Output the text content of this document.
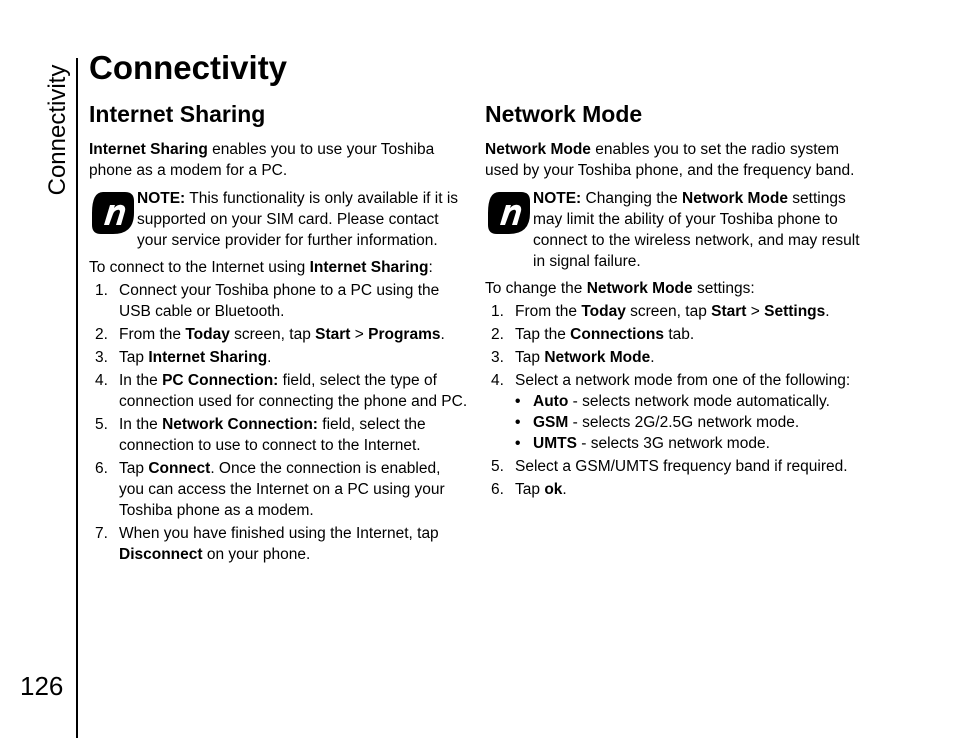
Connectivity
126
Connectivity
Internet Sharing

Internet Sharing enables you to use your Toshiba phone as a modem for a PC.

NOTE: This functionality is only available if it is supported on your SIM card. Please contact your service provider for further information.

To connect to the Internet using Internet Sharing:

1. Connect your Toshiba phone to a PC using the USB cable or Bluetooth.
2. From the Today screen, tap Start > Programs.
3. Tap Internet Sharing.
4. In the PC Connection: field, select the type of connection used for connecting the phone and PC.
5. In the Network Connection: field, select the connection to use to connect to the Internet.
6. Tap Connect. Once the connection is enabled, you can access the Internet on a PC using your Toshiba phone as a modem.
7. When you have finished using the Internet, tap Disconnect on your phone.
Network Mode

Network Mode enables you to set the radio system used by your Toshiba phone, and the frequency band.

NOTE: Changing the Network Mode settings may limit the ability of your Toshiba phone to connect to the wireless network, and may result in signal failure.

To change the Network Mode settings:

1. From the Today screen, tap Start > Settings.
2. Tap the Connections tab.
3. Tap Network Mode.
4. Select a network mode from one of the following:
• Auto - selects network mode automatically.
• GSM - selects 2G/2.5G network mode.
• UMTS - selects 3G network mode.
5. Select a GSM/UMTS frequency band if required.
6. Tap ok.
